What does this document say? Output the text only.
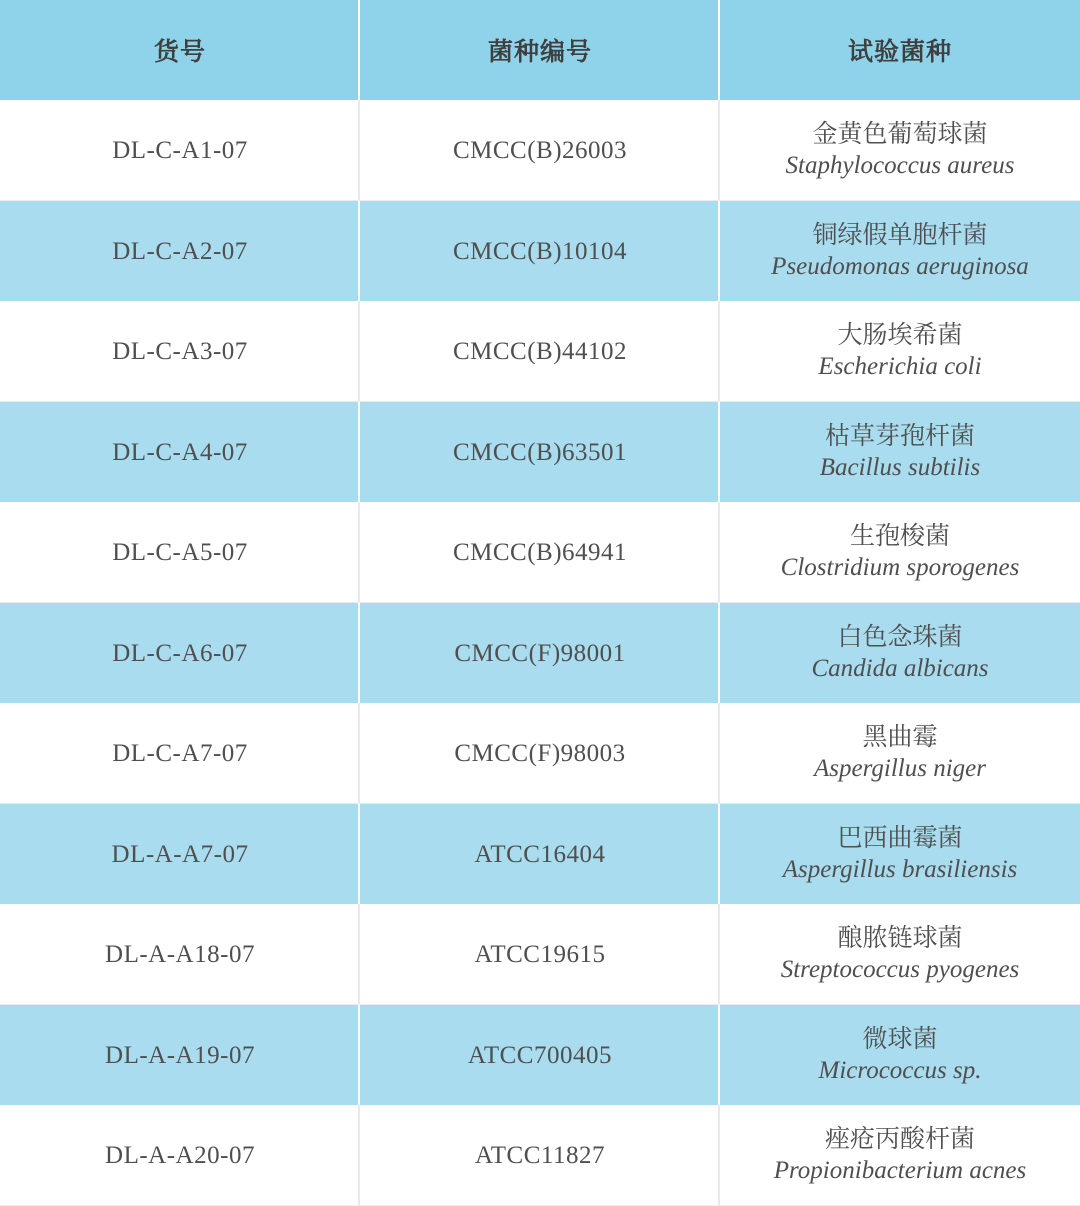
货号	菌种编号	试验菌种
DL-C-A1-07	CMCC(B)26003	金黄色葡萄球菌
Staphylococcus aureus

DL-C-A2-07	CMCC(B)10104	铜绿假单胞杆菌
Pseudomonas aeruginosa

DL-C-A3-07	CMCC(B)44102	大肠埃希菌
Escherichia coli

DL-C-A4-07	CMCC(B)63501	枯草芽孢杆菌
Bacillus subtilis

DL-C-A5-07	CMCC(B)64941	生孢梭菌
Clostridium sporogenes

DL-C-A6-07	CMCC(F)98001	白色念珠菌
Candida albicans

DL-C-A7-07	CMCC(F)98003	黑曲霉
Aspergillus niger

DL-A-A7-07	ATCC16404	巴西曲霉菌
Aspergillus brasiliensis

DL-A-A18-07	ATCC19615	酿脓链球菌
Streptococcus pyogenes

DL-A-A19-07	ATCC700405	微球菌
Micrococcus sp.

DL-A-A20-07	ATCC11827	痤疮丙酸杆菌
Propionibacterium acnes
